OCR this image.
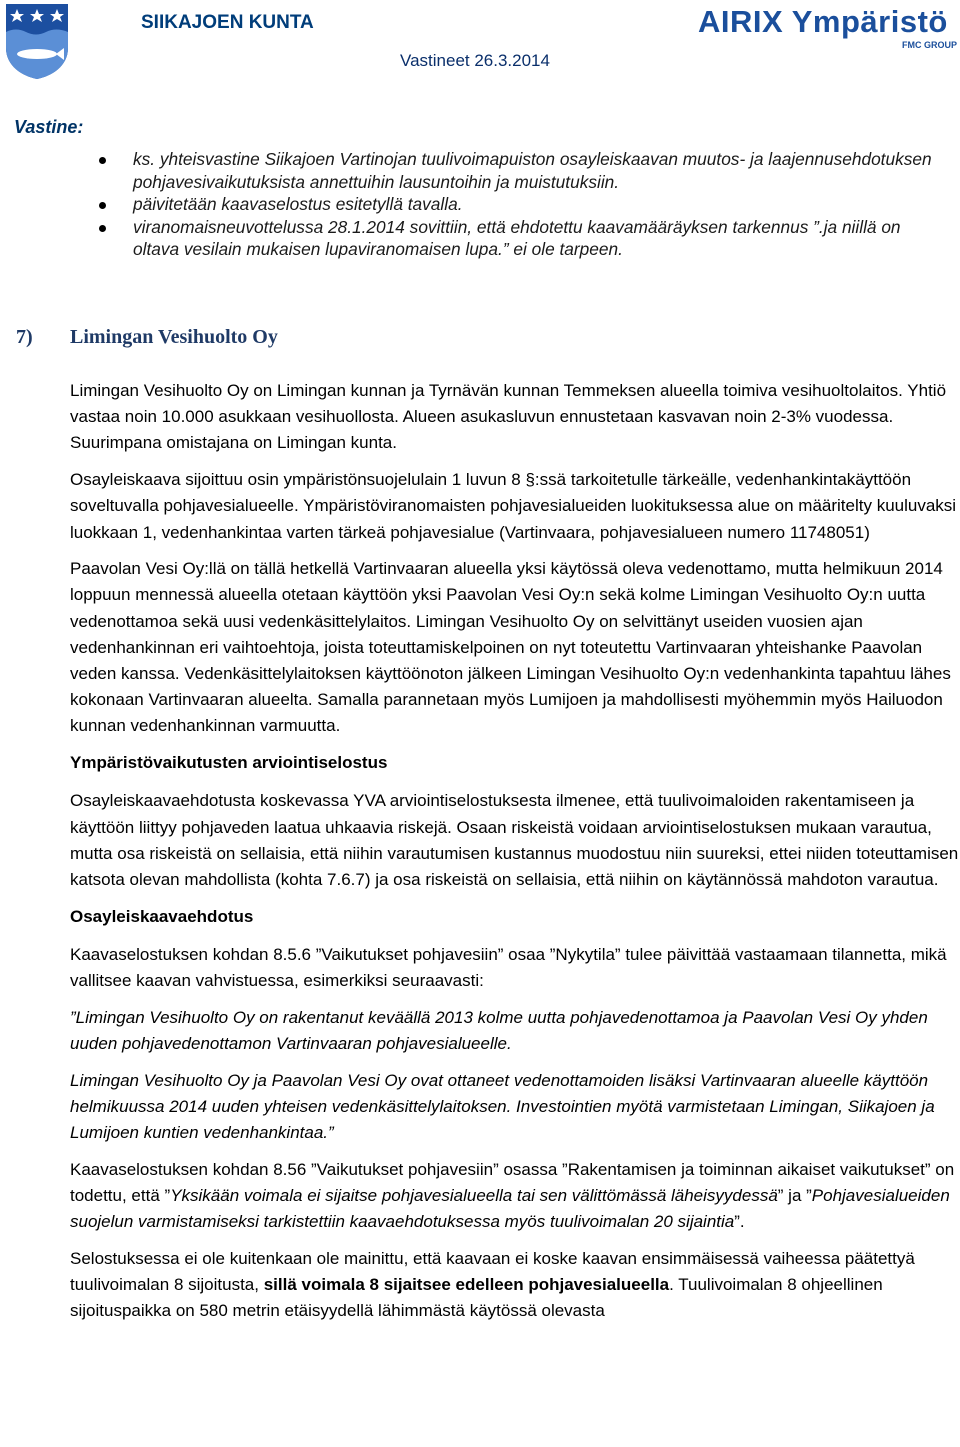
SIIKAJOEN KUNTA	AIRIX Ympäristö
FMC GROUP
Vastineet 26.3.2014
Vastine:
ks. yhteisvastine Siikajoen Vartinojan tuulivoimapuiston osayleiskaavan muutos- ja laajennusehdotuksen pohjavesivaikutuksista annettuihin lausuntoihin ja muistutuksiin.
päivitetään kaavaselostus esitetyllä tavalla.
viranomaisneuvottelussa 28.1.2014 sovittiin, että ehdotettu kaavamääräyksen tarkennus ”.ja niillä on oltava vesilain mukaisen lupaviranomaisen lupa.” ei ole tarpeen.
7) Limingan Vesihuolto Oy

Limingan Vesihuolto Oy on Limingan kunnan ja Tyrnävän kunnan Temmeksen alueella toimiva vesihuoltolaitos. Yhtiö vastaa noin 10.000 asukkaan vesihuollosta. Alueen asukasluvun ennustetaan kasvavan noin 2-3% vuodessa. Suurimpana omistajana on Limingan kunta.

Osayleiskaava sijoittuu osin ympäristönsuojelulain 1 luvun 8 §:ssä tarkoitetulle tärkeälle, vedenhankintakäyttöön soveltuvalla pohjavesialueelle. Ympäristöviranomaisten pohjavesialueiden luokituksessa alue on määritelty kuuluvaksi luokkaan 1, vedenhankintaa varten tärkeä pohjavesialue (Vartinvaara, pohjavesialueen numero 11748051)

Paavolan Vesi Oy:llä on tällä hetkellä Vartinvaaran alueella yksi käytössä oleva vedenottamo, mutta helmikuun 2014 loppuun mennessä alueella otetaan käyttöön yksi Paavolan Vesi Oy:n sekä kolme Limingan Vesihuolto Oy:n uutta vedenottamoa sekä uusi vedenkäsittelylaitos. Limingan Vesihuolto Oy on selvittänyt useiden vuosien ajan vedenhankinnan eri vaihtoehtoja, joista toteuttamiskelpoinen on nyt toteutettu Vartinvaaran yhteishanke Paavolan veden kanssa. Vedenkäsittelylaitoksen käyttöönoton jälkeen Limingan Vesihuolto Oy:n vedenhankinta tapahtuu lähes kokonaan Vartinvaaran alueelta. Samalla parannetaan myös Lumijoen ja mahdollisesti myöhemmin myös Hailuodon kunnan vedenhankinnan varmuutta.

Ympäristövaikutusten arviointiselostus

Osayleiskaavaehdotusta koskevassa YVA arviointiselostuksesta ilmenee, että tuulivoimaloiden rakentamiseen ja käyttöön liittyy pohjaveden laatua uhkaavia riskejä. Osaan riskeistä voidaan arviointiselostuksen mukaan varautua, mutta osa riskeistä on sellaisia, että niihin varautumisen kustannus muodostuu niin suureksi, ettei niiden toteuttamisen katsota olevan mahdollista (kohta 7.6.7) ja osa riskeistä on sellaisia, että niihin on käytännössä mahdoton varautua.

Osayleiskaavaehdotus

Kaavaselostuksen kohdan 8.5.6 ”Vaikutukset pohjavesiin” osaa ”Nykytila” tulee päivittää vastaamaan tilannetta, mikä vallitsee kaavan vahvistuessa, esimerkiksi seuraavasti:

”Limingan Vesihuolto Oy on rakentanut keväällä 2013 kolme uutta pohjavedenottamoa ja Paavolan Vesi Oy yhden uuden pohjavedenottamon Vartinvaaran pohjavesialueelle.

Limingan Vesihuolto Oy ja Paavolan Vesi Oy ovat ottaneet vedenottamoiden lisäksi Vartinvaaran alueelle käyttöön helmikuussa 2014 uuden yhteisen vedenkäsittelylaitoksen. Investointien myötä varmistetaan Limingan, Siikajoen ja Lumijoen kuntien vedenhankintaa.”

Kaavaselostuksen kohdan 8.56 ”Vaikutukset pohjavesiin” osassa ”Rakentamisen ja toiminnan aikaiset vaikutukset” on todettu, että ”Yksikään voimala ei sijaitse pohjavesialueella tai sen välittömässä läheisyydessä” ja ”Pohjavesialueiden suojelun varmistamiseksi tarkistettiin kaavaehdotuksessa myös tuulivoimalan 20 sijaintia”.

Selostuksessa ei ole kuitenkaan ole mainittu, että kaavaan ei koske kaavan ensimmäisessä vaiheessa päätettyä tuulivoimalan 8 sijoitusta, sillä voimala 8 sijaitsee edelleen pohjavesialueella. Tuulivoimalan 8 ohjeellinen sijoituspaikka on 580 metrin etäisyydellä lähimmästä käytössä olevasta
